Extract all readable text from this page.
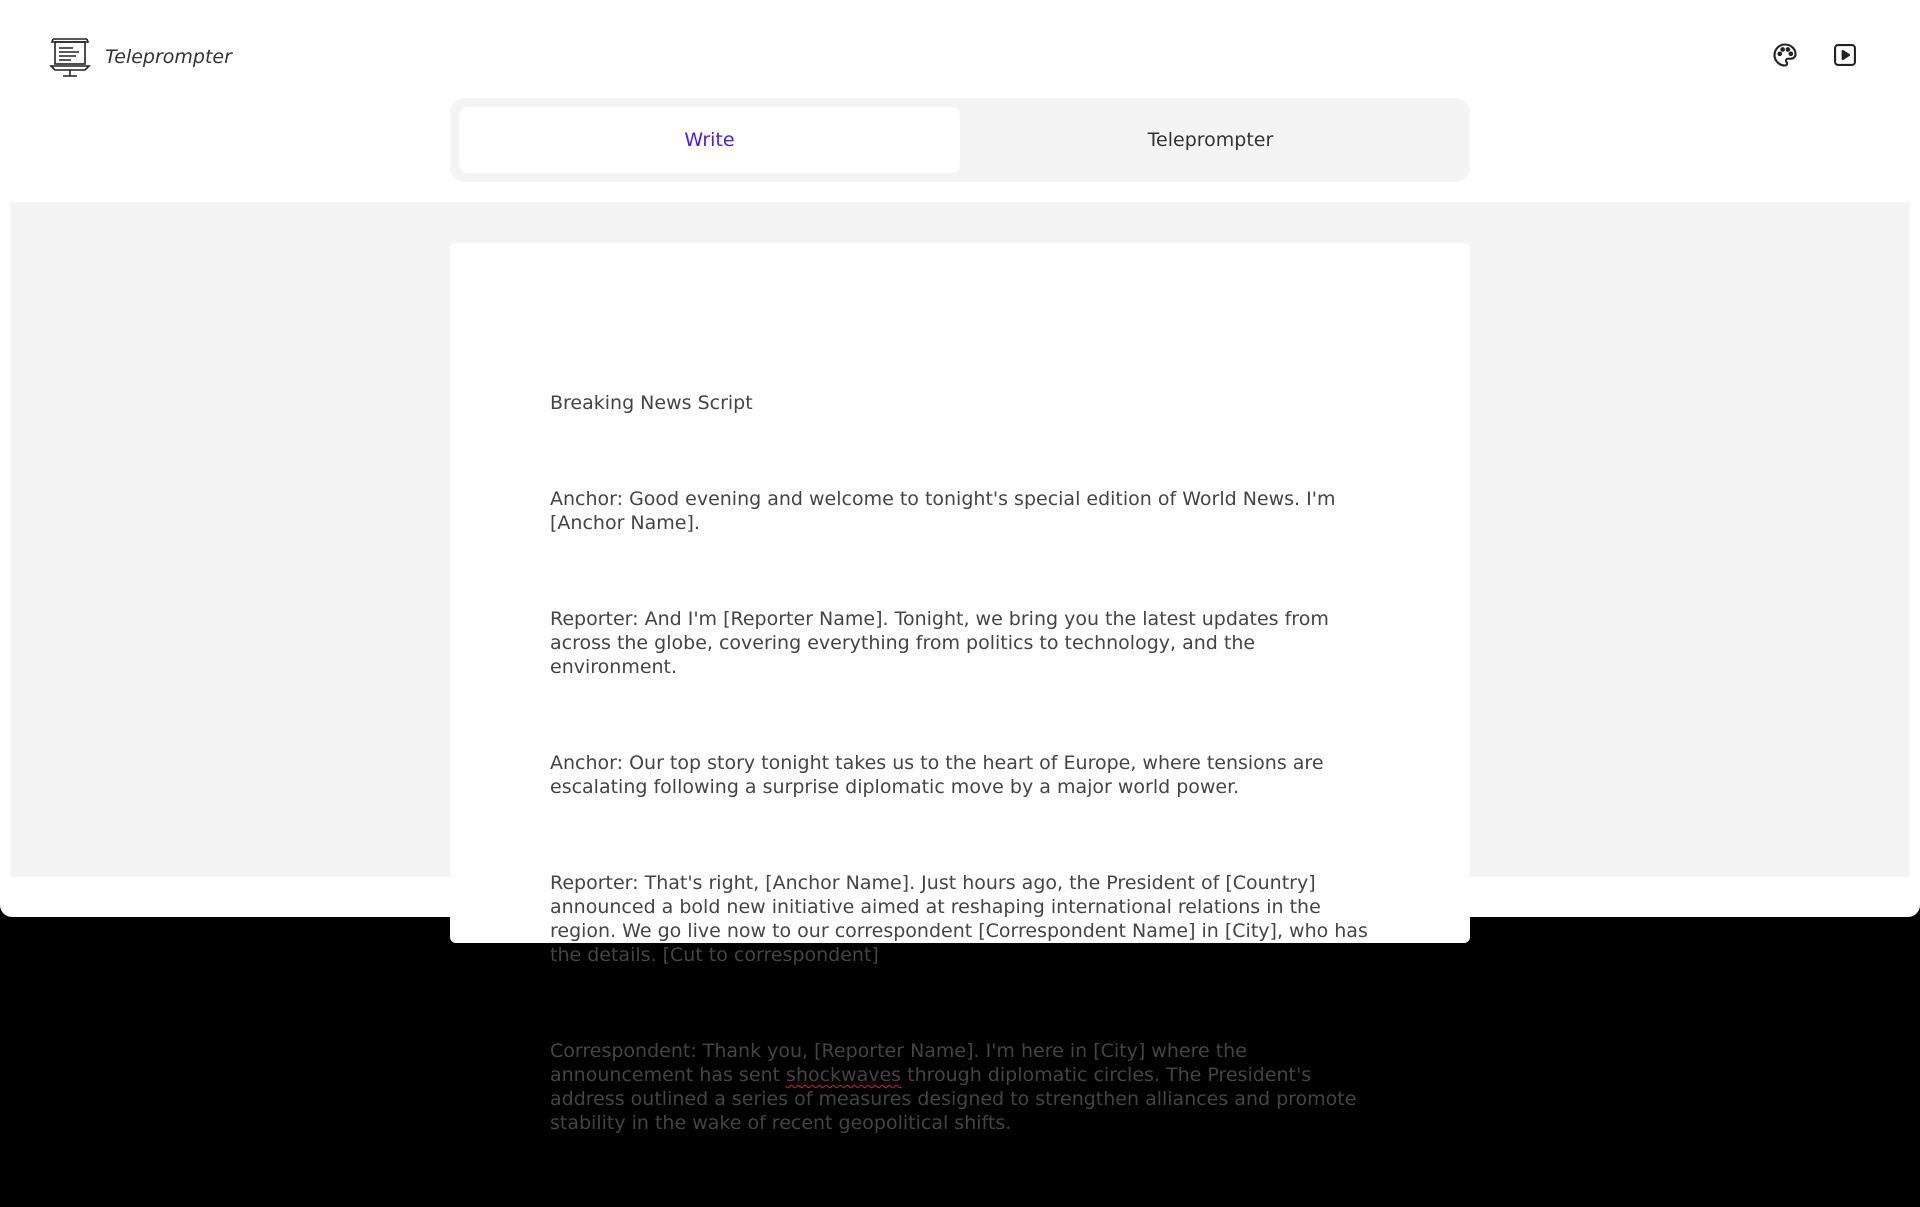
Teleprompter
Write	Teleprompter

Breaking News Script

Anchor: Good evening and welcome to tonight's special edition of World News. I'm [Anchor Name].

Reporter: And I'm [Reporter Name]. Tonight, we bring you the latest updates from across the globe, covering everything from politics to technology, and the environment.

Anchor: Our top story tonight takes us to the heart of Europe, where tensions are escalating following a surprise diplomatic move by a major world power.

Reporter: That's right, [Anchor Name]. Just hours ago, the President of [Country] announced a bold new initiative aimed at reshaping international relations in the region. We go live now to our correspondent [Correspondent Name] in [City], who has the details. [Cut to correspondent]

Correspondent: Thank you, [Reporter Name]. I'm here in [City] where the announcement has sent shockwaves through diplomatic circles. The President's address outlined a series of measures designed to strengthen alliances and promote stability in the wake of recent geopolitical shifts.
